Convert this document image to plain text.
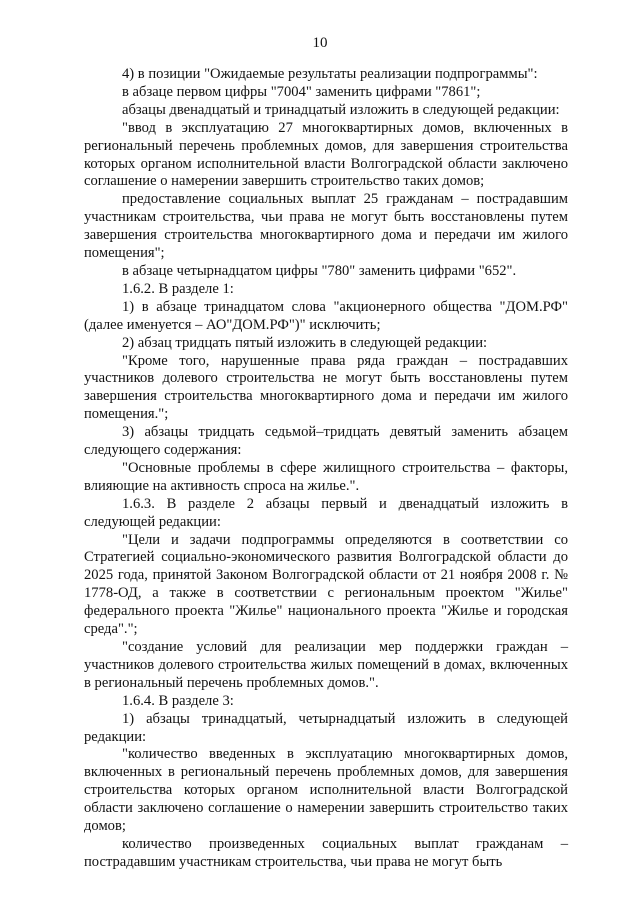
10

4) в позиции "Ожидаемые результаты реализации подпрограммы":

в абзаце первом цифры "7004" заменить цифрами "7861";

абзацы двенадцатый и тринадцатый изложить в следующей редакции:

"ввод в эксплуатацию 27 многоквартирных домов, включенных в региональный перечень проблемных домов, для завершения строительства которых органом исполнительной власти Волгоградской области заключено соглашение о намерении завершить строительство таких домов;

предоставление социальных выплат 25 гражданам – пострадавшим участникам строительства, чьи права не могут быть восстановлены путем завершения строительства многоквартирного дома и передачи им жилого помещения";

в абзаце четырнадцатом цифры "780" заменить цифрами "652".

1.6.2. В разделе 1:

1) в абзаце тринадцатом слова "акционерного общества "ДОМ.РФ" (далее именуется – АО"ДОМ.РФ")" исключить;

2) абзац тридцать пятый изложить в следующей редакции:

"Кроме того, нарушенные права ряда граждан – пострадавших участников долевого строительства не могут быть восстановлены путем завершения строительства многоквартирного дома и передачи им жилого помещения.";

3) абзацы тридцать седьмой–тридцать девятый заменить абзацем следующего содержания:

"Основные проблемы в сфере жилищного строительства – факторы, влияющие на активность спроса на жилье.".

1.6.3. В разделе 2 абзацы первый и двенадцатый изложить в следующей редакции:

"Цели и задачи подпрограммы определяются в соответствии со Стратегией социально-экономического развития Волгоградской области до 2025 года, принятой Законом Волгоградской области от 21 ноября 2008 г. № 1778-ОД, а также в соответствии с региональным проектом "Жилье" федерального проекта "Жилье" национального проекта "Жилье и городская среда".";

"создание условий для реализации мер поддержки граждан – участников долевого строительства жилых помещений в домах, включенных в региональный перечень проблемных домов.".

1.6.4. В разделе 3:

1) абзацы тринадцатый, четырнадцатый изложить в следующей редакции:

"количество введенных в эксплуатацию многоквартирных домов, включенных в региональный перечень проблемных домов, для завершения строительства которых органом исполнительной власти Волгоградской области заключено соглашение о намерении завершить строительство таких домов;

количество произведенных социальных выплат гражданам – пострадавшим участникам строительства, чьи права не могут быть
